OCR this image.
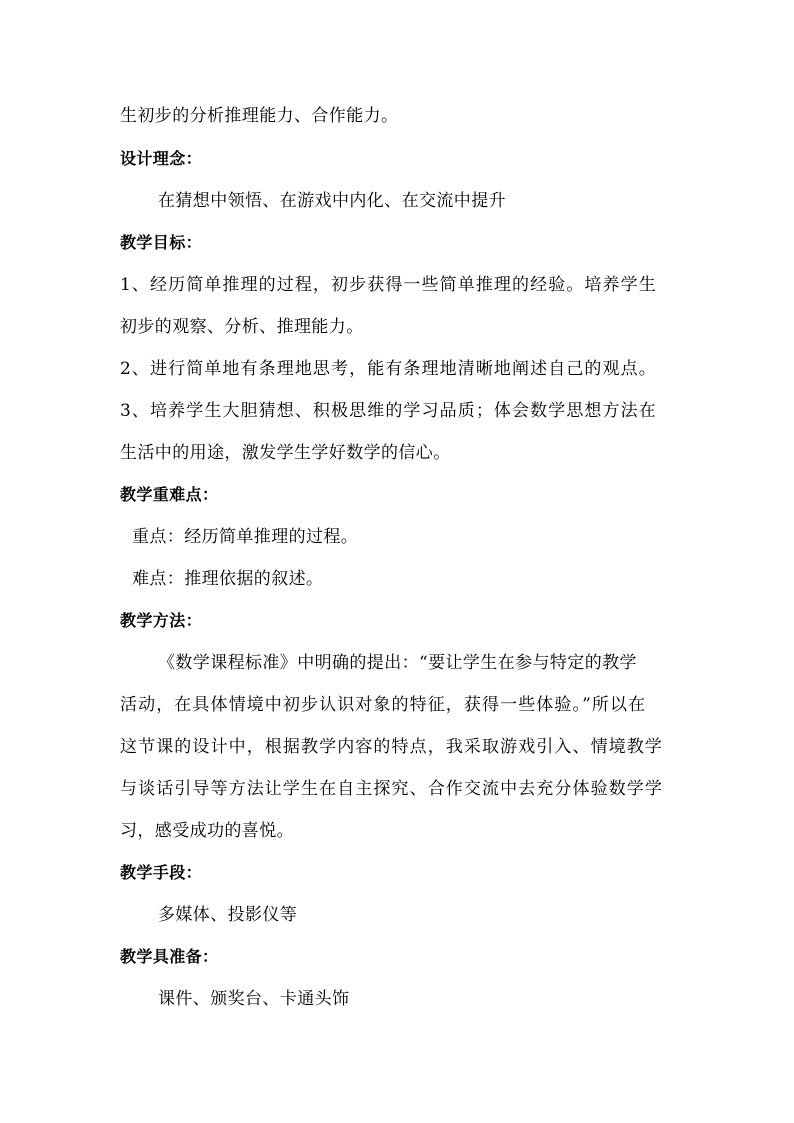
生初步的分析推理能力、合作能力。
设计理念：
在猜想中领悟、在游戏中内化、在交流中提升
教学目标：
1、经历简单推理的过程，初步获得一些简单推理的经验。培养学生
初步的观察、分析、推理能力。
2、进行简单地有条理地思考，能有条理地清晰地阐述自己的观点。
3、培养学生大胆猜想、积极思维的学习品质；体会数学思想方法在
生活中的用途，激发学生学好数学的信心。
教学重难点：
重点：经历简单推理的过程。
难点：推理依据的叙述。
教学方法：
《数学课程标准》中明确的提出：“要让学生在参与特定的教学
活动，在具体情境中初步认识对象的特征，获得一些体验。”所以在
这节课的设计中，根据教学内容的特点，我采取游戏引入、情境教学
与谈话引导等方法让学生在自主探究、合作交流中去充分体验数学学
习，感受成功的喜悦。
教学手段：
多媒体、投影仪等
教学具准备：
课件、颁奖台、卡通头饰
